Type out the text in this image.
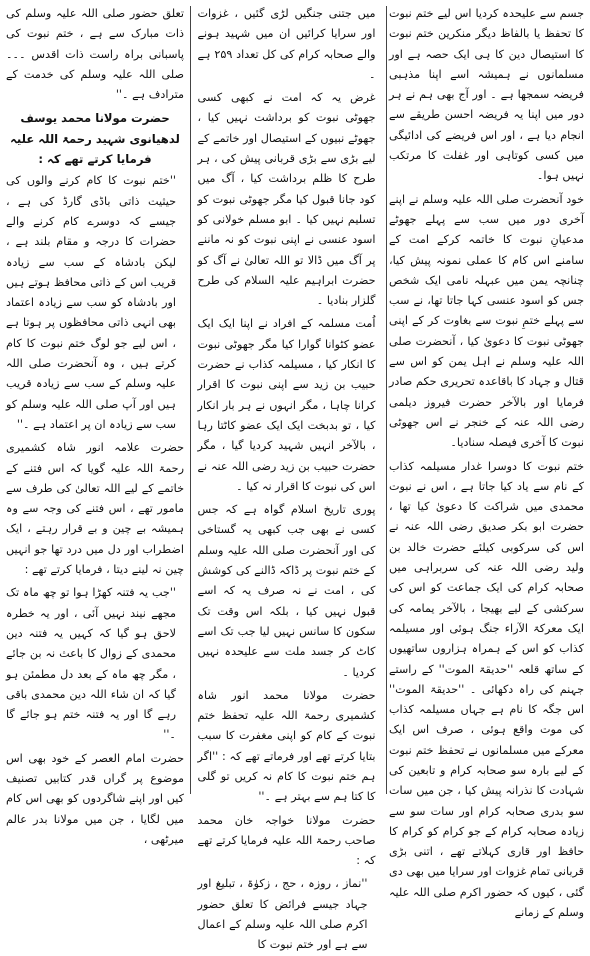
جسم سے علیحدہ کردیا اس لیے ختم نبوت کا تحفظ یا بالفاظ دیگر منکرین ختم نبوت کا استیصال دین کا ہی ایک حصہ ہے اور مسلمانوں نے ہمیشہ اسے اپنا مذہبی فریضہ سمجھا ہے ۔ اور آج بھی ہم نے ہر دور میں اپنا یہ فریضہ احسن طریقے سے انجام دیا ہے ، اور اس فریضے کی ادائیگی میں کسی کوتاہی اور غفلت کا مرتکب نہیں ہوا۔

خود آنحضرت صلی اللہ علیہ وسلم نے اپنے آخری دور میں سب سے پہلے جھوٹے مدعیانِ نبوت کا خاتمہ کرکے امت کے سامنے اس کام کا عملی نمونہ پیش کیا، چنانچہ یمن میں عبہلہ نامی ایک شخص جس کو اسود عنسی کہا جاتا تھا، نے سب سے پہلے ختمِ نبوت سے بغاوت کر کے اپنی جھوٹی نبوت کا دعویٰ کیا ، آنحضرت صلی اللہ علیہ وسلم نے اہل یمن کو اس سے قتال و جہاد کا باقاعدہ تحریری حکم صادر فرمایا اور بالآخر حضرت فیروز دیلمی رضی اللہ عنہ کے خنجر نے اس جھوٹی نبوت کا آخری فیصلہ سنادیا۔

ختم نبوت کا دوسرا غدار مسیلمہ کذاب کے نام سے یاد کیا جاتا ہے ، اس نے نبوت محمدی میں شراکت کا دعویٰ کیا تھا ، حضرت ابو بکر صدیق رضی اللہ عنہ نے اس کی سرکوبی کیلئے حضرت خالد بن ولید رضی اللہ عنہ کی سربراہی میں صحابہ کرام کی ایک جماعت کو اس کی سرکشی کے لیے بھیجا ، بالآخر یمامہ کی ایک معرکۃ الآراء جنگ ہوئی اور مسیلمہ کذاب کو اس کے ہمراہ ہزاروں ساتھیوں کے ساتھ قلعہ ''حدیقۃ الموت'' کے راستے جہنم کی راہ دکھائی ۔ ''حدیقۃ الموت'' اس جگہ کا نام ہے جہاں مسیلمہ کذاب کی موت واقع ہوئی ، صرف اس ایک معرکے میں مسلمانوں نے تحفظ ختم نبوت کے لیے بارہ سو صحابہ کرام و تابعین کی شہادت کا نذرانہ پیش کیا ، جن میں سات سو بدری صحابہ کرام اور سات سو سے زیادہ صحابہ کرام کے جو کرام کو کرام کا حافظ اور قاری کہلاتے تھے ، اتنی بڑی قربانی تمام غزوات اور سرایا میں بھی دی گئی ، کیوں کہ حضور اکرم صلی اللہ علیہ وسلم کے زمانے

میں جتنی جنگیں لڑی گئیں ، غزوات اور سرایا کرائیں ان میں شہید ہونے والے صحابہ کرام کی کل تعداد ۲۵۹ ہے ۔

غرض یہ کہ امت نے کبھی کسی جھوٹی نبوت کو برداشت نہیں کیا ، جھوٹے نبیوں کے استیصال اور خاتمے کے لیے بڑی سے بڑی قربانی پیش کی ، ہر طرح کا ظلم برداشت کیا ، آگ میں کود جانا قبول کیا مگر جھوٹی نبوت کو تسلیم نہیں کیا ۔ ابو مسلم خولانی کو اسود عنسی نے اپنی نبوت کو نہ ماننے پر آگ میں ڈالا تو اللہ تعالیٰ نے آگ کو حضرت ابراہیم علیہ السلام کی طرح گلزار بنادیا ۔

اُمت مسلمہ کے افراد نے اپنا ایک ایک عضو کٹوانا گوارا کیا مگر جھوٹی نبوت کا انکار کیا ، مسیلمہ کذاب نے حضرت حبیب بن زید سے اپنی نبوت کا اقرار کرانا چاہا ، مگر انہوں نے ہر بار انکار کیا ، تو بدبخت ایک ایک عضو کاٹتا رہا ، بالآخر انہیں شہید کردیا گیا ، مگر حضرت حبیب بن زید رضی اللہ عنہ نے اس کی نبوت کا اقرار نہ کیا ۔

پوری تاریخ اسلام گواہ ہے کہ جس کسی نے بھی جب کبھی یہ گستاخی کی اور آنحضرت صلی اللہ علیہ وسلم کے ختم نبوت پر ڈاکہ ڈالنے کی کوشش کی ، امت نے نہ صرف یہ کہ اسے قبول نہیں کیا ، بلکہ اس وقت تک سکون کا سانس نہیں لیا جب تک اسے کاٹ کر جسد ملت سے علیحدہ نہیں کردیا ۔

حضرت مولانا محمد انور شاہ کشمیری رحمۃ اللہ علیہ تحفظ ختم نبوت کے کام کو اپنی مغفرت کا سبب بتایا کرتے تھے اور فرماتے تھے کہ : ''اگر ہم ختم نبوت کا کام نہ کریں تو گلی کا کتا ہم سے بہتر ہے ۔''

حضرت مولانا خواجہ خان محمد صاحب رحمۃ اللہ علیہ فرمایا کرتے تھے کہ :

''نماز ، روزہ ، حج ، زکوٰۃ ، تبلیغ اور جہاد جیسے فرائض کا تعلق حضور اکرم صلی اللہ علیہ وسلم کے اعمال سے ہے اور ختم نبوت کا

تعلق حضور صلی اللہ علیہ وسلم کی ذات مبارک سے ہے ، ختم نبوت کی پاسبانی براہ راست ذات اقدس ۔۔۔ صلی اللہ علیہ وسلم کی خدمت کے مترادف ہے ۔''

حضرت مولانا محمد یوسف لدھیانوی شہید رحمۃ اللہ علیہ فرمایا کرتے تھے کہ :

''ختم نبوت کا کام کرنے والوں کی حیثیت ذاتی باڈی گارڈ کی ہے ، جیسے کہ دوسرے کام کرنے والے حضرات کا درجہ و مقام بلند ہے ، لیکن بادشاہ کے سب سے زیادہ قریب اس کے ذاتی محافظ ہوتے ہیں اور بادشاہ کو سب سے زیادہ اعتماد بھی انہی ذاتی محافظوں پر ہوتا ہے ، اس لیے جو لوگ ختم نبوت کا کام کرتے ہیں ، وہ آنحضرت صلی اللہ علیہ وسلم کے سب سے زیادہ قریب ہیں اور آپ صلی اللہ علیہ وسلم کو سب سے زیادہ ان پر اعتماد ہے ۔''

حضرت علامہ انور شاہ کشمیری رحمۃ اللہ علیہ گویا کہ اس فتنے کے خاتمے کے لیے اللہ تعالیٰ کی طرف سے مامور تھے ، اس فتنے کی وجہ سے وہ ہمیشہ بے چین و بے قرار رہتے ، ایک اضطراب اور دل میں درد تھا جو انہیں چین نہ لینے دیتا ، فرمایا کرتے تھے :

''جب یہ فتنہ کھڑا ہوا تو چھ ماہ تک مجھے نیند نہیں آئی ، اور یہ خطرہ لاحق ہو گیا کہ کہیں یہ فتنہ دین محمدی کے زوال کا باعث نہ بن جائے ، مگر چھ ماہ کے بعد دل مطمئن ہو گیا کہ ان شاء اللہ دین محمدی باقی رہے گا اور یہ فتنہ ختم ہو جائے گا ۔''

حضرت امام العصر کے خود بھی اس موضوع پر گراں قدر کتابیں تصنیف کیں اور اپنے شاگردوں کو بھی اس کام میں لگایا ، جن میں مولانا بدر عالم میرٹھی ،
